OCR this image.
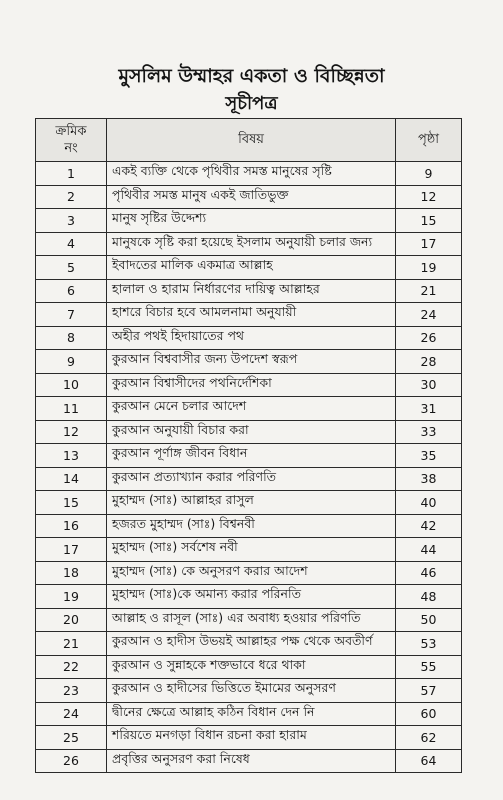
মুসলিম উম্মাহর একতা ও বিচ্ছিন্নতা
সূচীপত্র
ক্রমিক
নং	বিষয়	পৃষ্ঠা
1	একই ব্যক্তি থেকে পৃথিবীর সমস্ত মানুষের সৃষ্টি	9
2	পৃথিবীর সমস্ত মানুষ একই জাতিভুক্ত	12
3	মানুষ সৃষ্টির উদ্দেশ্য	15
4	মানুষকে সৃষ্টি করা হয়েছে ইসলাম অনুযায়ী চলার জন্য	17
5	ইবাদতের মালিক একমাত্র আল্লাহ	19
6	হালাল ও হারাম নির্ধারণের দায়িত্ব আল্লাহর	21
7	হাশরে বিচার হবে আমলনামা অনুযায়ী	24
8	অহীর পথই হিদায়াতের পথ	26
9	কুরআন বিশ্ববাসীর জন্য উপদেশ স্বরূপ	28
10	কুরআন বিশ্বাসীদের পথনির্দেশিকা	30
11	কুরআন মেনে চলার আদেশ	31
12	কুরআন অনুযায়ী বিচার করা	33
13	কুরআন পূর্ণাঙ্গ জীবন বিধান	35
14	কুরআন প্রত্যাখ্যান করার পরিণতি	38
15	মুহাম্মদ (সাঃ) আল্লাহর রাসুল	40
16	হজরত মুহাম্মদ (সাঃ) বিশ্বনবী	42
17	মুহাম্মদ (সাঃ) সর্বশেষ নবী	44
18	মুহাম্মদ (সাঃ) কে অনুসরণ করার আদেশ	46
19	মুহাম্মদ (সাঃ)কে অমান্য করার পরিনতি	48
20	আল্লাহ ও রাসূল (সাঃ) এর অবাধ্য হওয়ার পরিণতি	50
21	কুরআন ও হাদীস উভয়ই আল্লাহর পক্ষ থেকে অবতীর্ণ	53
22	কুরআন ও সুন্নাহকে শক্তভাবে ধরে থাকা	55
23	কুরআন ও হাদীসের ভিত্তিতে ইমামের অনুসরণ	57
24	দ্বীনের ক্ষেত্রে আল্লাহ কঠিন বিধান দেন নি	60
25	শরিয়তে মনগড়া বিধান রচনা করা হারাম	62
26	প্রবৃত্তির অনুসরণ করা নিষেধ	64
